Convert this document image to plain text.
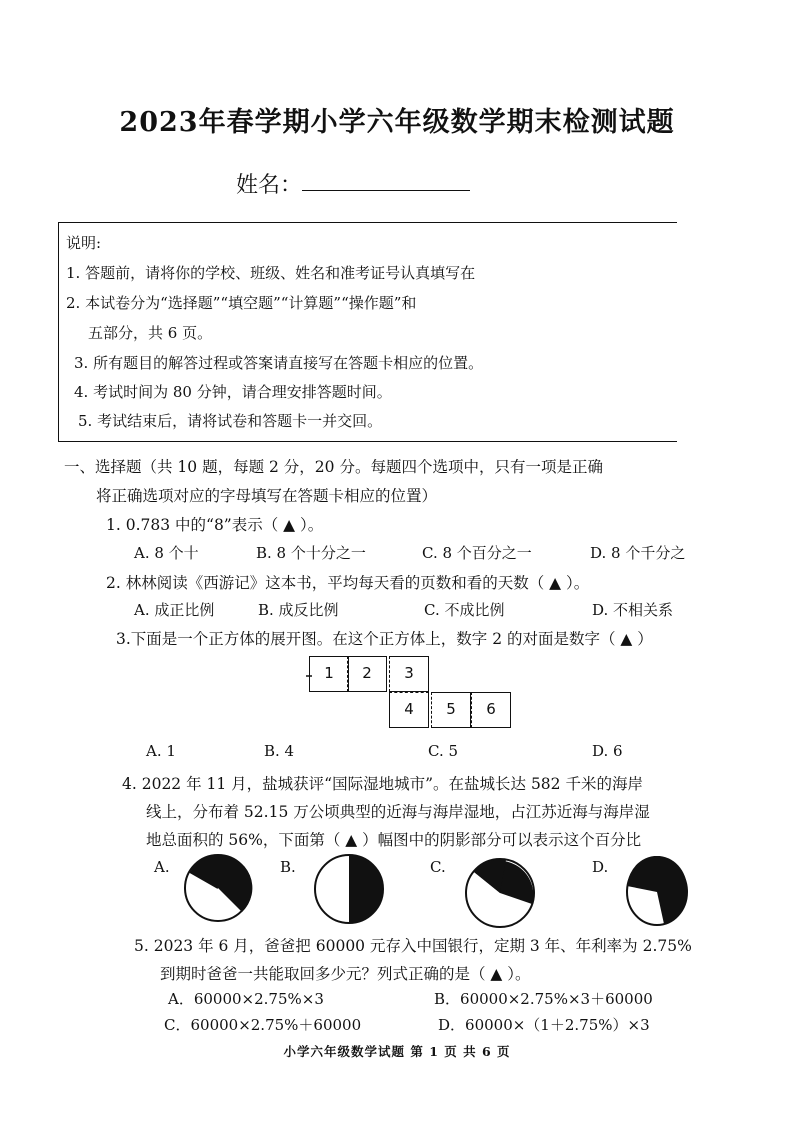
2023年春学期小学六年级数学期末检测试题
姓名：
说明:
1. 答题前，请将你的学校、班级、姓名和准考证号认真填写在
2. 本试卷分为“选择题”“填空题”“计算题”“操作题”和
五部分，共 6 页。
3. 所有题目的解答过程或答案请直接写在答题卡相应的位置。
4. 考试时间为 80 分钟，请合理安排答题时间。
5. 考试结束后，请将试卷和答题卡一并交回。
一、选择题（共 10 题，每题 2 分，20 分。每题四个选项中，只有一项是正确
将正确选项对应的字母填写在答题卡相应的位置）
1. 0.783 中的“8”表示（ ▲ ）。
A. 8 个十	B. 8 个十分之一	C. 8 个百分之一	D. 8 个千分之
2. 林林阅读《西游记》这本书，平均每天看的页数和看的天数（ ▲ ）。
A. 成正比例	B. 成反比例	C. 不成比例	D. 不相关系
3.下面是一个正方体的展开图。在这个正方体上，数字 2 的对面是数字（ ▲ ）
1	2	3
4	5	6
A. 1	B. 4	C. 5	D. 6
4. 2022 年 11 月，盐城获评“国际湿地城市”。在盐城长达 582 千米的海岸
线上，分布着 52.15 万公顷典型的近海与海岸湿地，占江苏近海与海岸湿
地总面积的 56%，下面第（ ▲ ）幅图中的阴影部分可以表示这个百分比
A.	B.	C.	D.
5. 2023 年 6 月，爸爸把 60000 元存入中国银行，定期 3 年、年利率为 2.75%
到期时爸爸一共能取回多少元？列式正确的是（ ▲ ）。
A．60000×2.75%×3	B．60000×2.75%×3＋60000
C．60000×2.75%＋60000	D．60000×（1＋2.75%）×3
小学六年级数学试题 第 1 页 共 6 页
